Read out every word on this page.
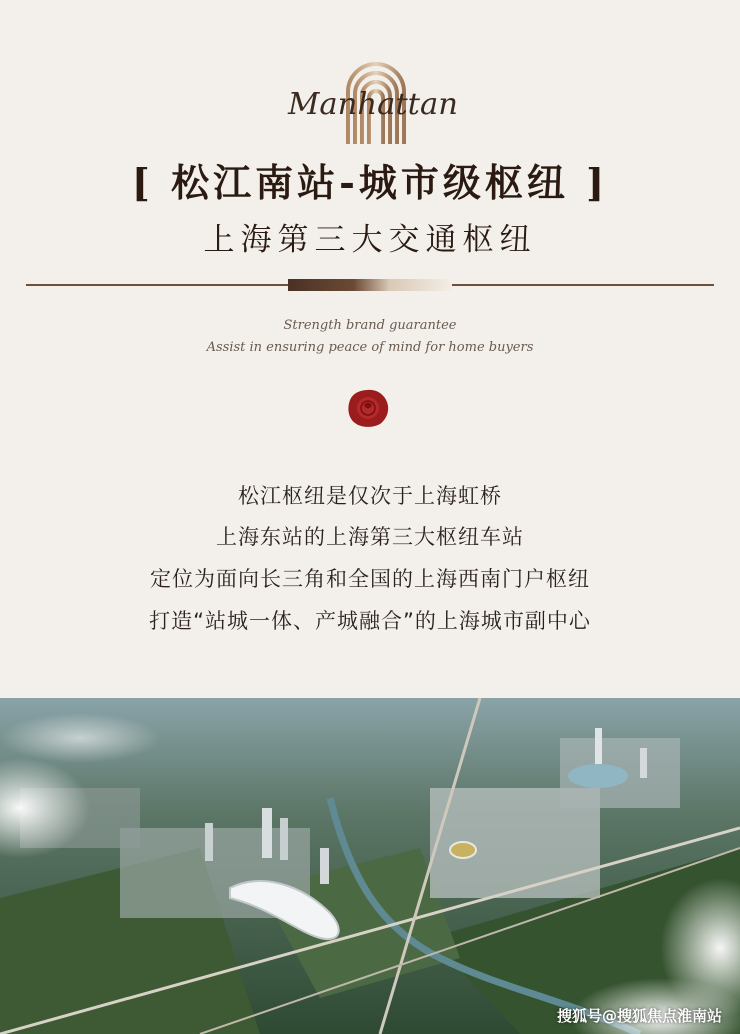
Manhattan
[ 松江南站-城市级枢纽 ]
上海第三大交通枢纽
Strength brand guarantee
Assist in ensuring peace of mind for home buyers
松江枢纽是仅次于上海虹桥
上海东站的上海第三大枢纽车站
定位为面向长三角和全国的上海西南门户枢纽
打造“站城一体、产城融合”的上海城市副中心
搜狐号@搜狐焦点淮南站
